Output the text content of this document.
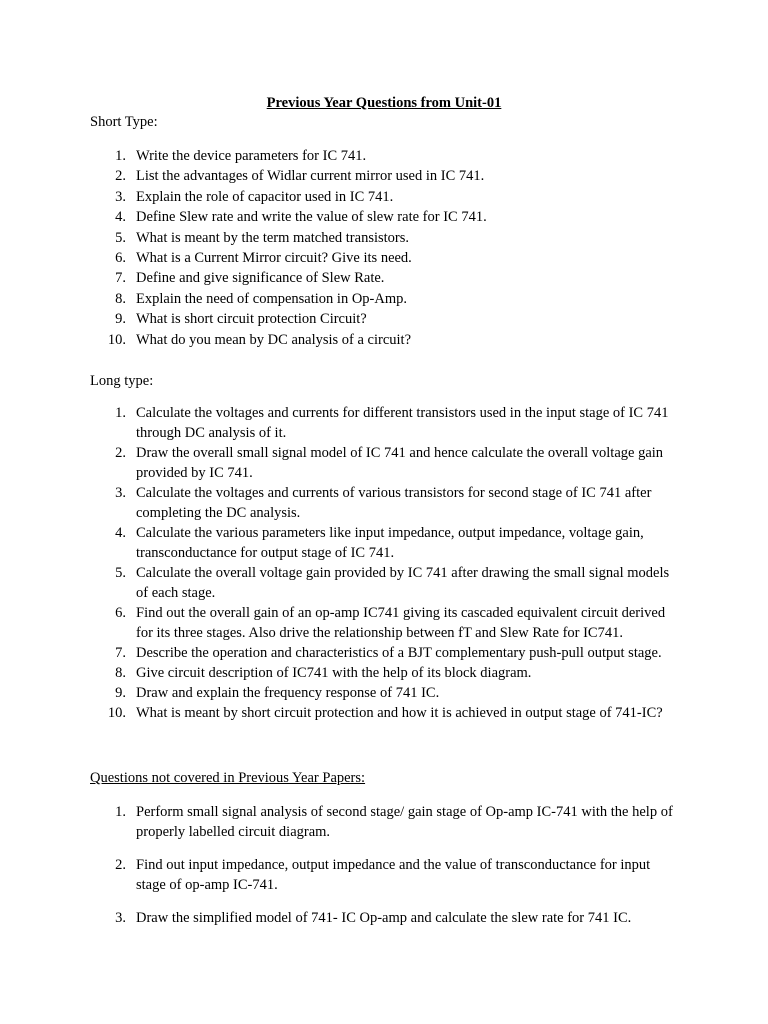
Previous Year Questions from Unit-01
Short Type:
1. Write the device parameters for IC 741.
2. List the advantages of Widlar current mirror used in IC 741.
3. Explain the role of capacitor used in IC 741.
4. Define Slew rate and write the value of slew rate for IC 741.
5. What is meant by the term matched transistors.
6. What is a Current Mirror circuit? Give its need.
7. Define and give significance of Slew Rate.
8. Explain the need of compensation in Op-Amp.
9. What is short circuit protection Circuit?
10. What do you mean by DC analysis of a circuit?
Long type:
1. Calculate the voltages and currents for different transistors used in the input stage of IC 741 through DC analysis of it.
2. Draw the overall small signal model of IC 741 and hence calculate the overall voltage gain provided by IC 741.
3. Calculate the voltages and currents of various transistors for second stage of IC 741 after completing the DC analysis.
4. Calculate the various parameters like input impedance, output impedance, voltage gain, transconductance for output stage of IC 741.
5. Calculate the overall voltage gain provided by IC 741 after drawing the small signal models of each stage.
6. Find out the overall gain of an op-amp IC741 giving its cascaded equivalent circuit derived for its three stages. Also drive the relationship between fT and Slew Rate for IC741.
7. Describe the operation and characteristics of a BJT complementary push-pull output stage.
8. Give circuit description of IC741 with the help of its block diagram.
9. Draw and explain the frequency response of 741 IC.
10. What is meant by short circuit protection and how it is achieved in output stage of 741-IC?
Questions not covered in Previous Year Papers:
1. Perform small signal analysis of second stage/ gain stage of Op-amp IC-741 with the help of properly labelled circuit diagram.
2. Find out input impedance, output impedance and the value of transconductance for input stage of op-amp IC-741.
3. Draw the simplified model of 741- IC Op-amp and calculate the slew rate for 741 IC.
